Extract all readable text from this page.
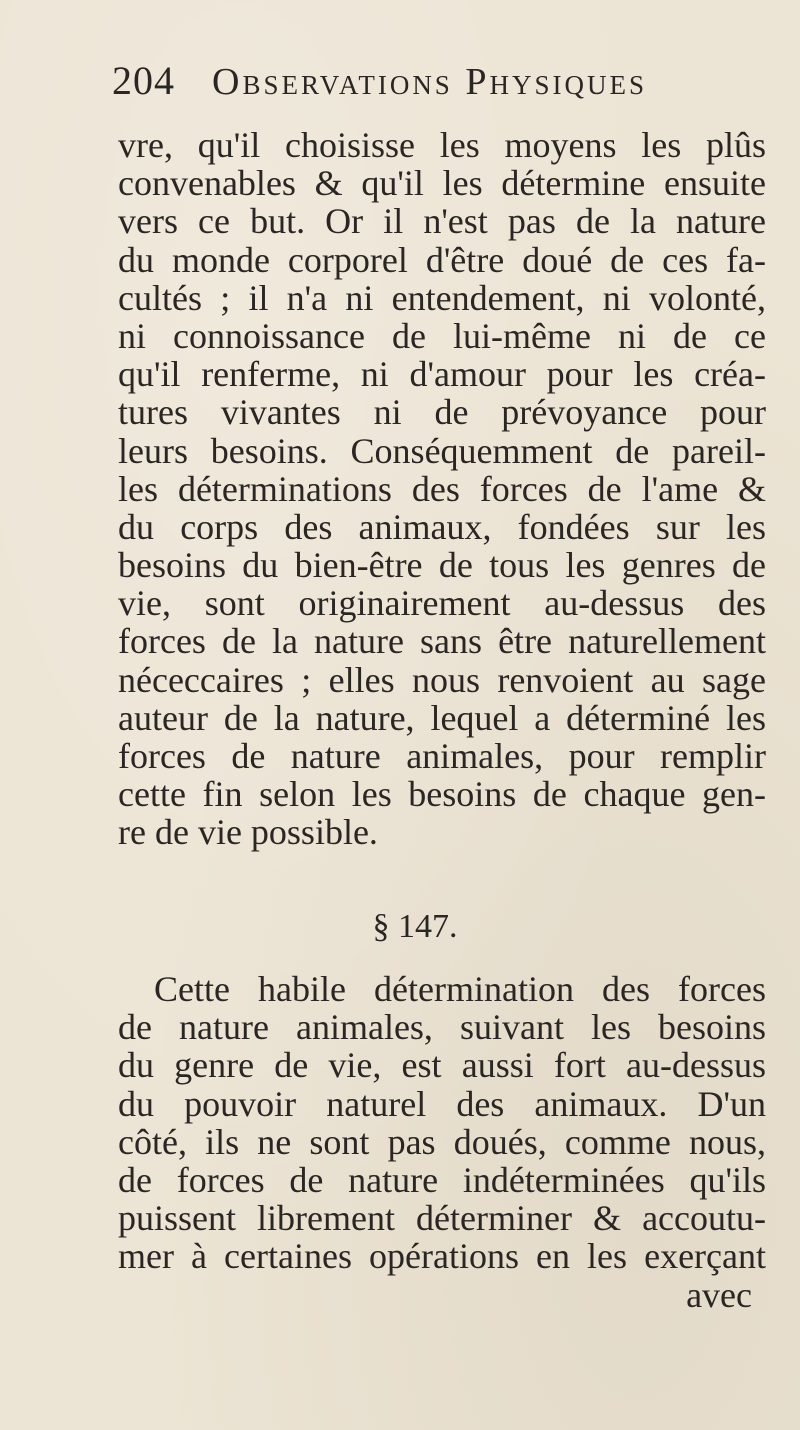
204 Observations Physiques
vre, qu'il choisisse les moyens les plûs
convenables & qu'il les détermine ensuite
vers ce but. Or il n'est pas de la nature
du monde corporel d'être doué de ces fa-
cultés ; il n'a ni entendement, ni volonté,
ni connoissance de lui-même ni de ce
qu'il renferme, ni d'amour pour les créa-
tures vivantes ni de prévoyance pour
leurs besoins. Conséquemment de pareil-
les déterminations des forces de l'ame &
du corps des animaux, fondées sur les
besoins du bien-être de tous les genres de
vie, sont originairement au-dessus des
forces de la nature sans être naturellement
néceссaires ; elles nous renvoient au sage
auteur de la nature, lequel a déterminé les
forces de nature animales, pour remplir
cette fin selon les besoins de chaque gen-
re de vie possible.
§ 147.
Cette habile détermination des forces
de nature animales, suivant les besoins
du genre de vie, est aussi fort au-dessus
du pouvoir naturel des animaux. D'un
côté, ils ne sont pas doués, comme nous,
de forces de nature indéterminées qu'ils
puissent librement déterminer & accoutu-
mer à certaines opérations en les exerçant
avec
